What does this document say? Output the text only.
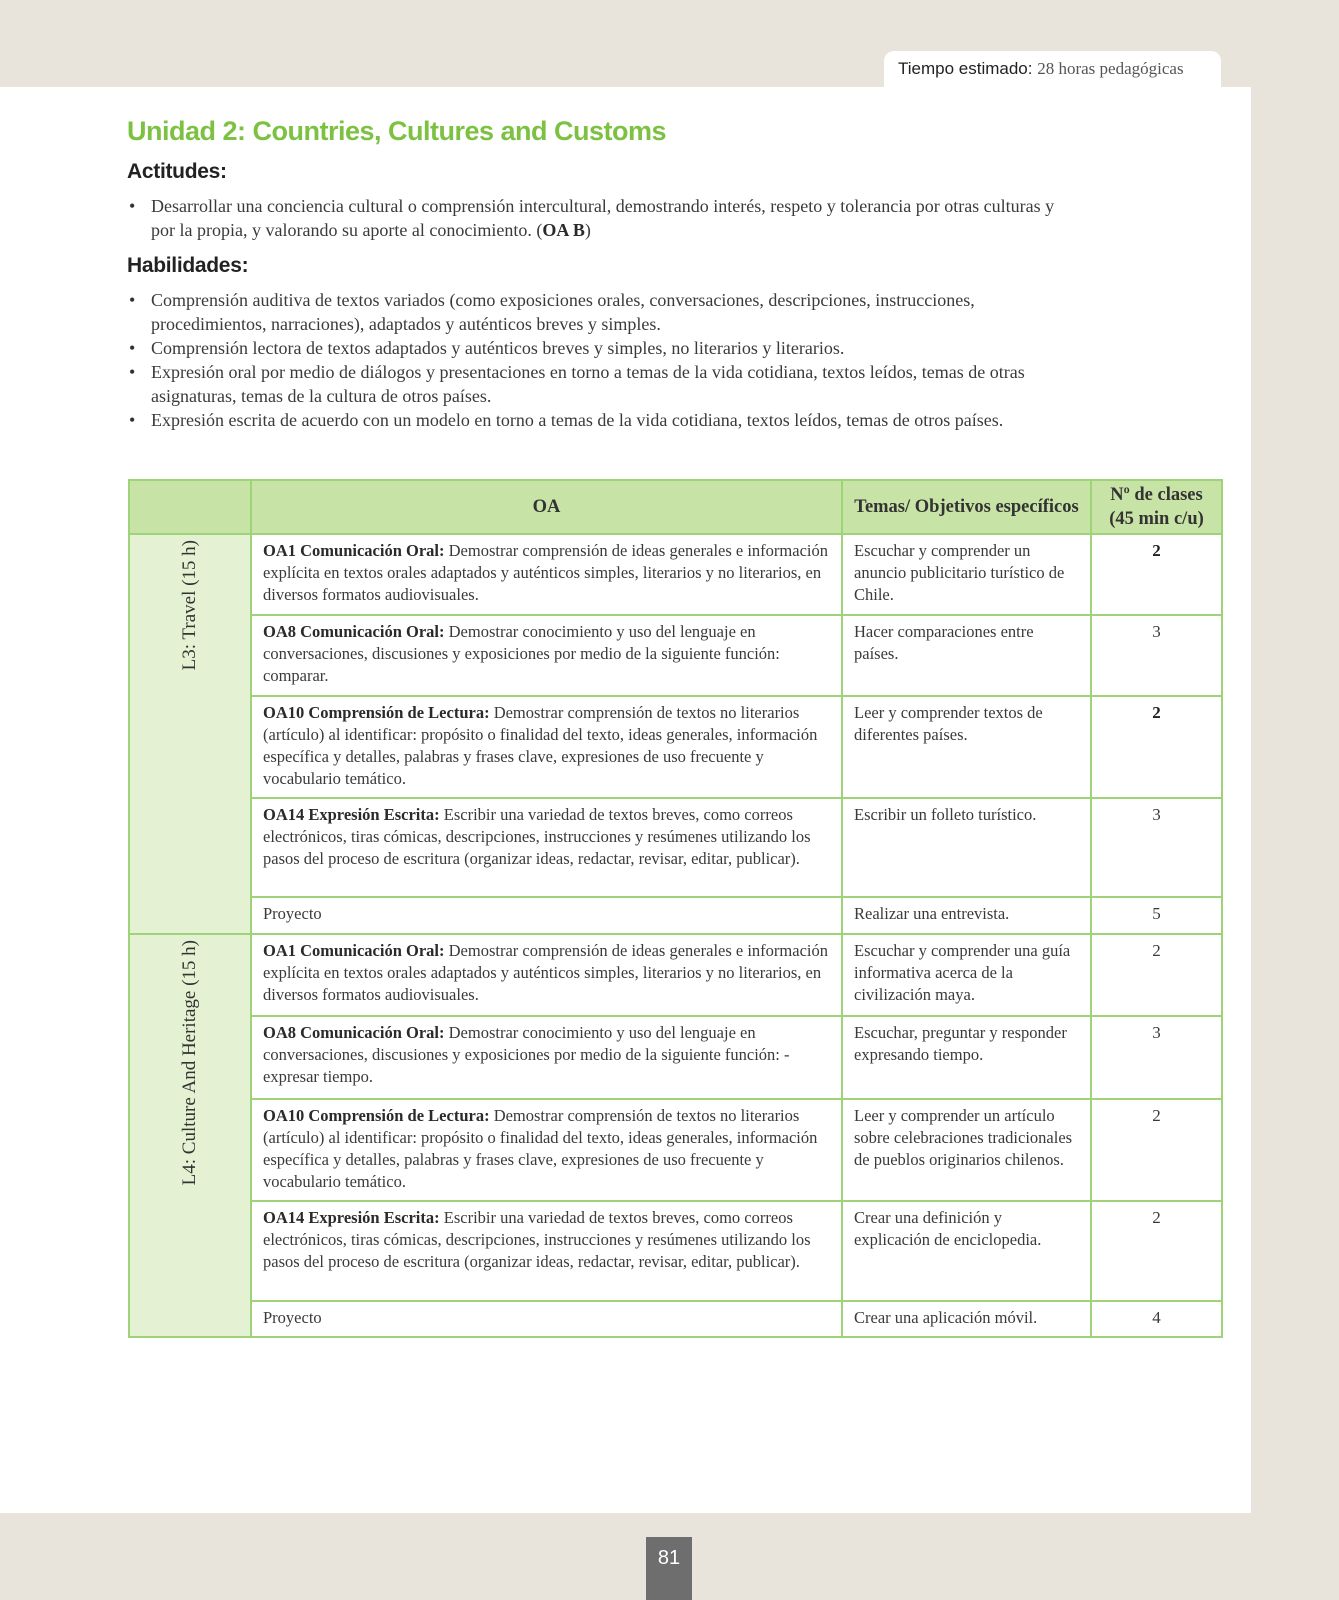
Tiempo estimado: 28 horas pedagógicas
Unidad 2: Countries, Cultures and Customs
Actitudes:
• Desarrollar una conciencia cultural o comprensión intercultural, demostrando interés, respeto y tolerancia por otras culturas y por la propia, y valorando su aporte al conocimiento. (OA B)
Habilidades:
• Comprensión auditiva de textos variados (como exposiciones orales, conversaciones, descripciones, instrucciones, procedimientos, narraciones), adaptados y auténticos breves y simples.
• Comprensión lectora de textos adaptados y auténticos breves y simples, no literarios y literarios.
• Expresión oral por medio de diálogos y presentaciones en torno a temas de la vida cotidiana, textos leídos, temas de otras asignaturas, temas de la cultura de otros países.
• Expresión escrita de acuerdo con un modelo en torno a temas de la vida cotidiana, textos leídos, temas de otros países.
	OA	Temas/ Objetivos específicos	Nº de clases (45 min c/u)
L3: Travel (15 h)	OA1 Comunicación Oral: Demostrar comprensión de ideas generales e información explícita en textos orales adaptados y auténticos simples, literarios y no literarios, en diversos formatos audiovisuales.	Escuchar y comprender un anuncio publicitario turístico de Chile.	2
	OA8 Comunicación Oral: Demostrar conocimiento y uso del lenguaje en conversaciones, discusiones y exposiciones por medio de la siguiente función: comparar.	Hacer comparaciones entre países.	3
	OA10 Comprensión de Lectura: Demostrar comprensión de textos no literarios (artículo) al identificar: propósito o finalidad del texto, ideas generales, información específica y detalles, palabras y frases clave, expresiones de uso frecuente y vocabulario temático.	Leer y comprender textos de diferentes países.	2
	OA14 Expresión Escrita: Escribir una variedad de textos breves, como correos electrónicos, tiras cómicas, descripciones, instrucciones y resúmenes utilizando los pasos del proceso de escritura (organizar ideas, redactar, revisar, editar, publicar).	Escribir un folleto turístico.	3
	Proyecto	Realizar una entrevista.	5
L4: Culture And Heritage (15 h)	OA1 Comunicación Oral: Demostrar comprensión de ideas generales e información explícita en textos orales adaptados y auténticos simples, literarios y no literarios, en diversos formatos audiovisuales.	Escuchar y comprender una guía informativa acerca de la civilización maya.	2
	OA8 Comunicación Oral: Demostrar conocimiento y uso del lenguaje en conversaciones, discusiones y exposiciones por medio de la siguiente función: - expresar tiempo.	Escuchar, preguntar y responder expresando tiempo.	3
	OA10 Comprensión de Lectura: Demostrar comprensión de textos no literarios (artículo) al identificar: propósito o finalidad del texto, ideas generales, información específica y detalles, palabras y frases clave, expresiones de uso frecuente y vocabulario temático.	Leer y comprender un artículo sobre celebraciones tradicionales de pueblos originarios chilenos.	2
	OA14 Expresión Escrita: Escribir una variedad de textos breves, como correos electrónicos, tiras cómicas, descripciones, instrucciones y resúmenes utilizando los pasos del proceso de escritura (organizar ideas, redactar, revisar, editar, publicar).	Crear una definición y explicación de enciclopedia.	2
	Proyecto	Crear una aplicación móvil.	4
81
